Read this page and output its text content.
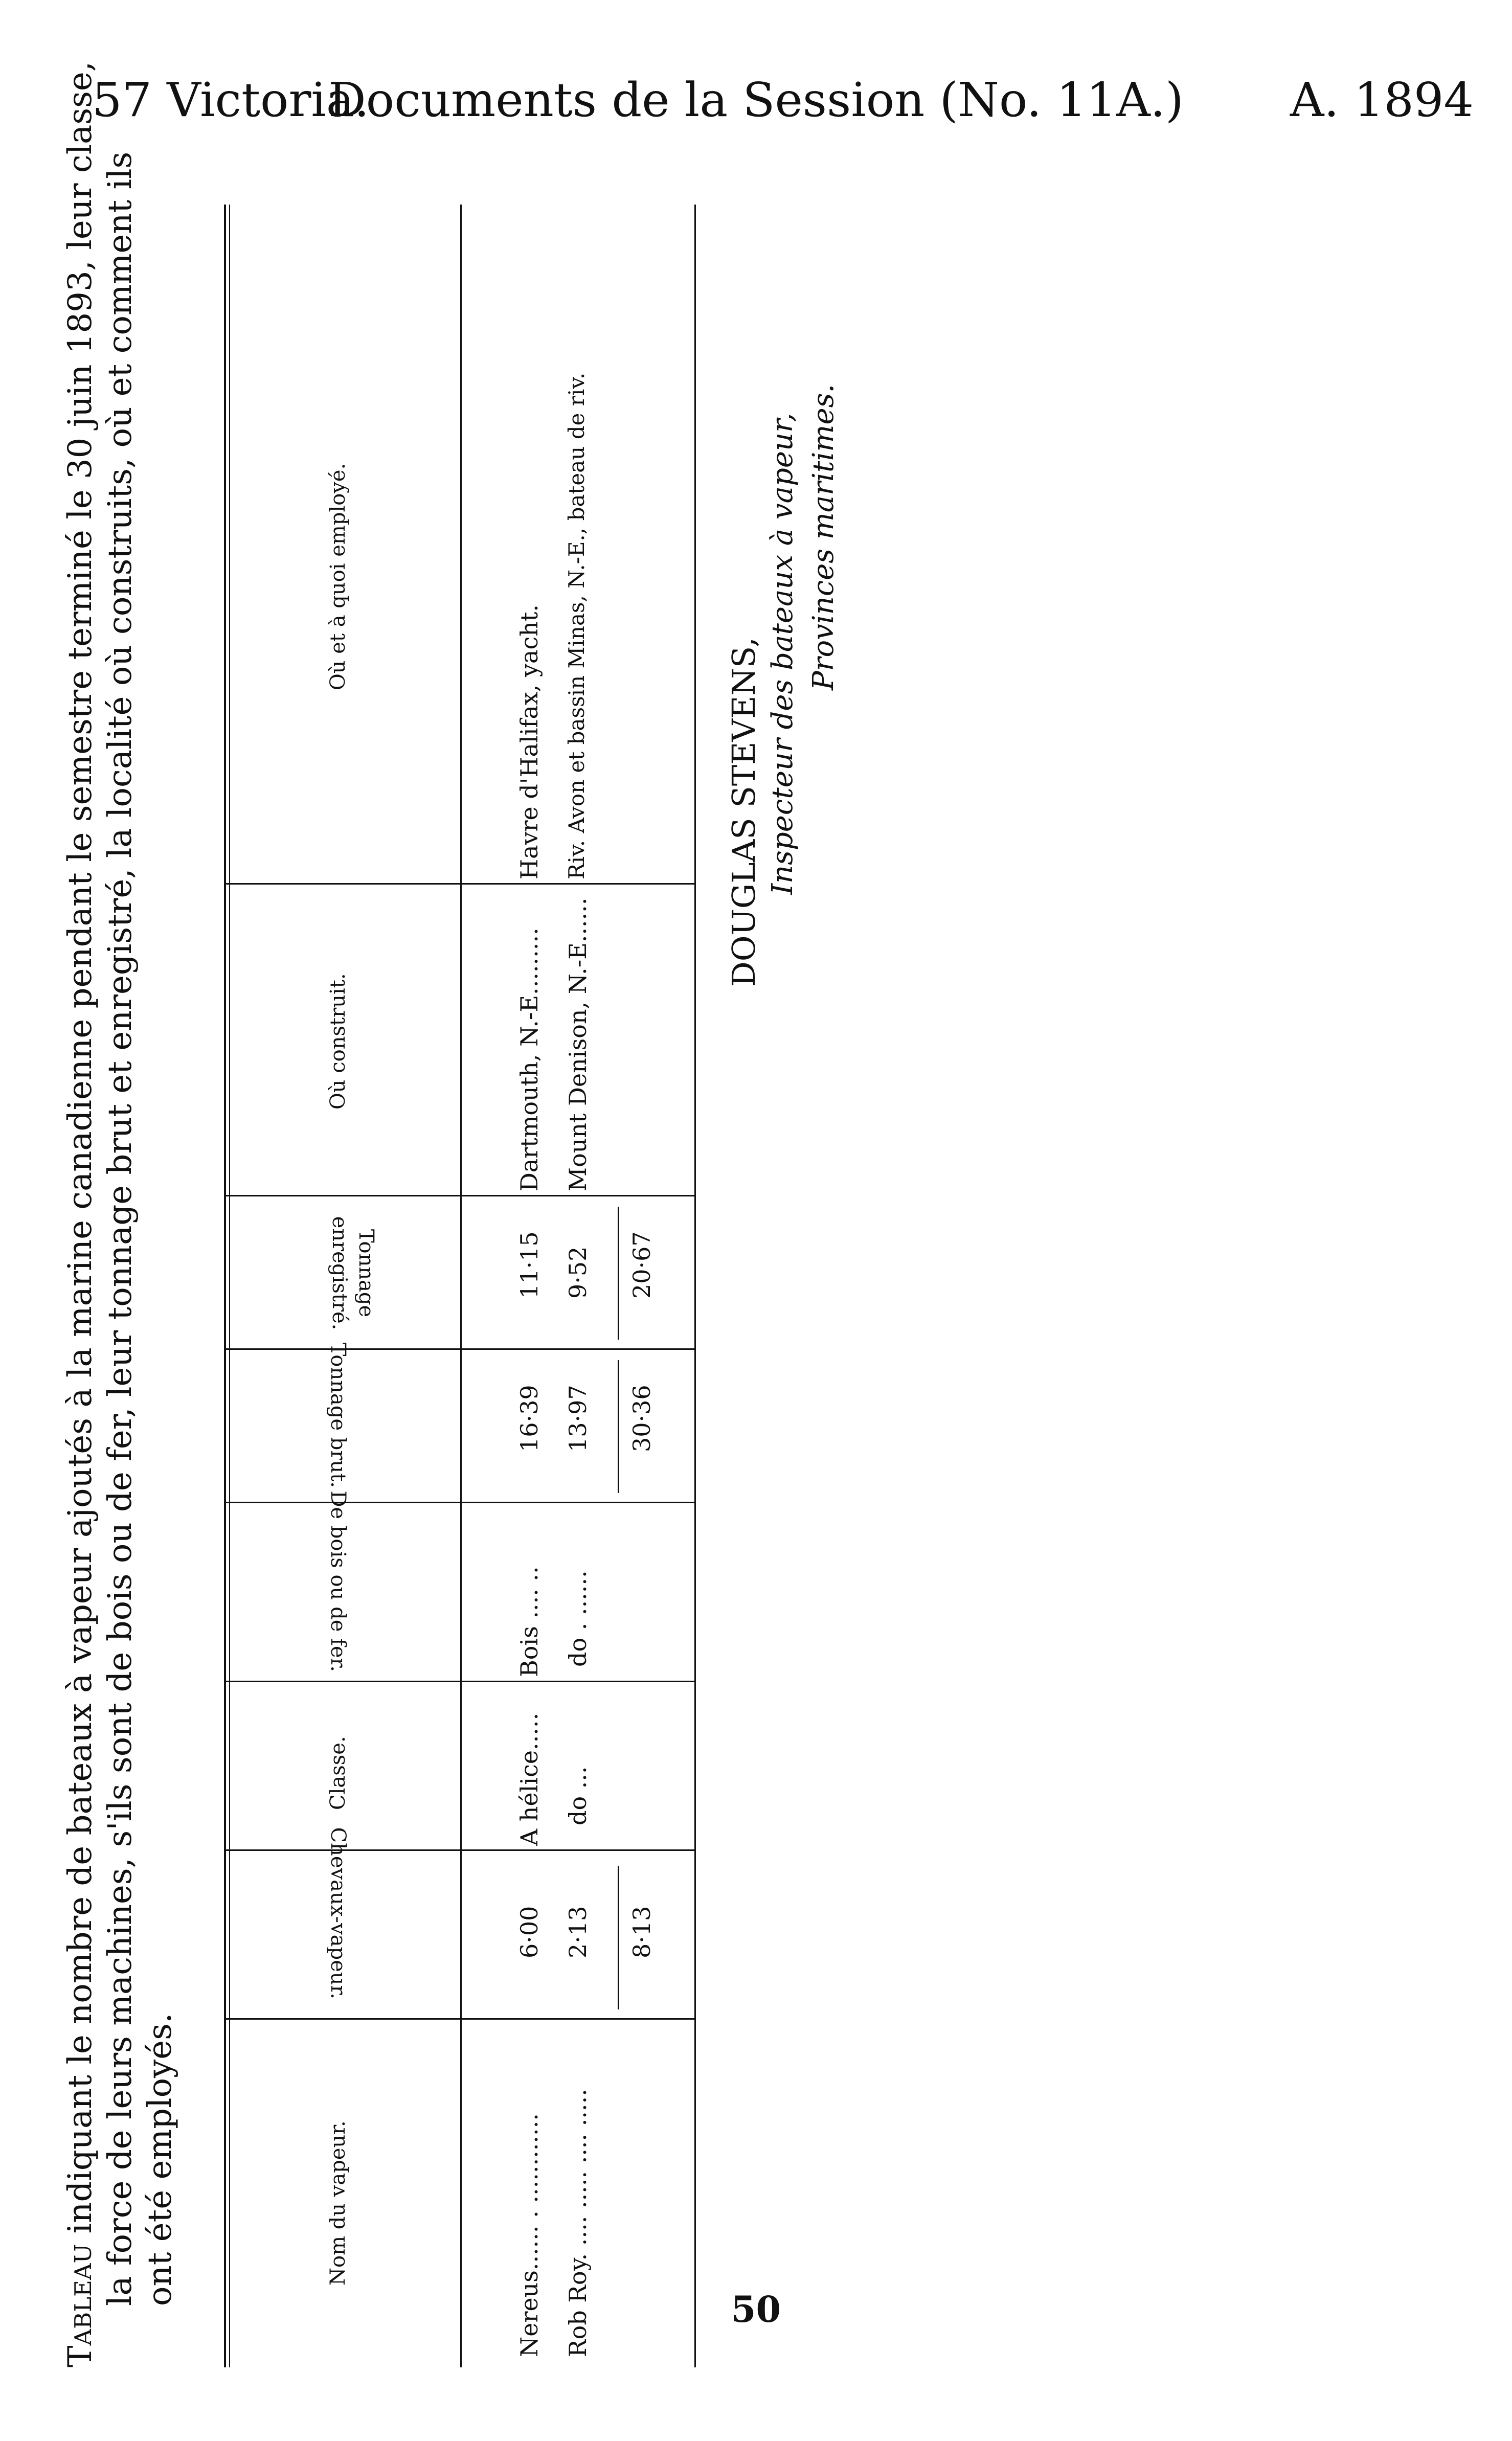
57 Victoria.
Documents de la Session (No. 11A.)	A. 1894
Tableau indiquant le nombre de bateaux à vapeur ajoutés à la marine canadienne pendant le semestre terminé le 30 juin 1893, leur classe, la force de leurs machines, s'ils sont de bois ou de fer, leur tonnage brut et enregistré, la localité où construits, où et comment ils ont été employés.	Nom du vapeur.
Chevaux-vapeur.
Classe.
De bois ou de fer.
Tonnage brut.
Tonnage enregistré.
Où construit.
Où et à quoi employé.
Nereus...... . ............
6·00
A hélice.....
Bois .... ..
16·39
11·15
Dartmouth, N.-E.........
Havre d'Halifax, yacht.
Rob Roy. .... ..... .... .....
2·13
do ...
do . ......
13·97
9·52
Mount Denison, N.-E......
Riv. Avon et bassin Minas, N.-E., bateau de riv.
8·13
30·36
20·67
DOUGLAS STEVENS, Inspecteur des bateaux à vapeur, Provinces maritimes.
50
